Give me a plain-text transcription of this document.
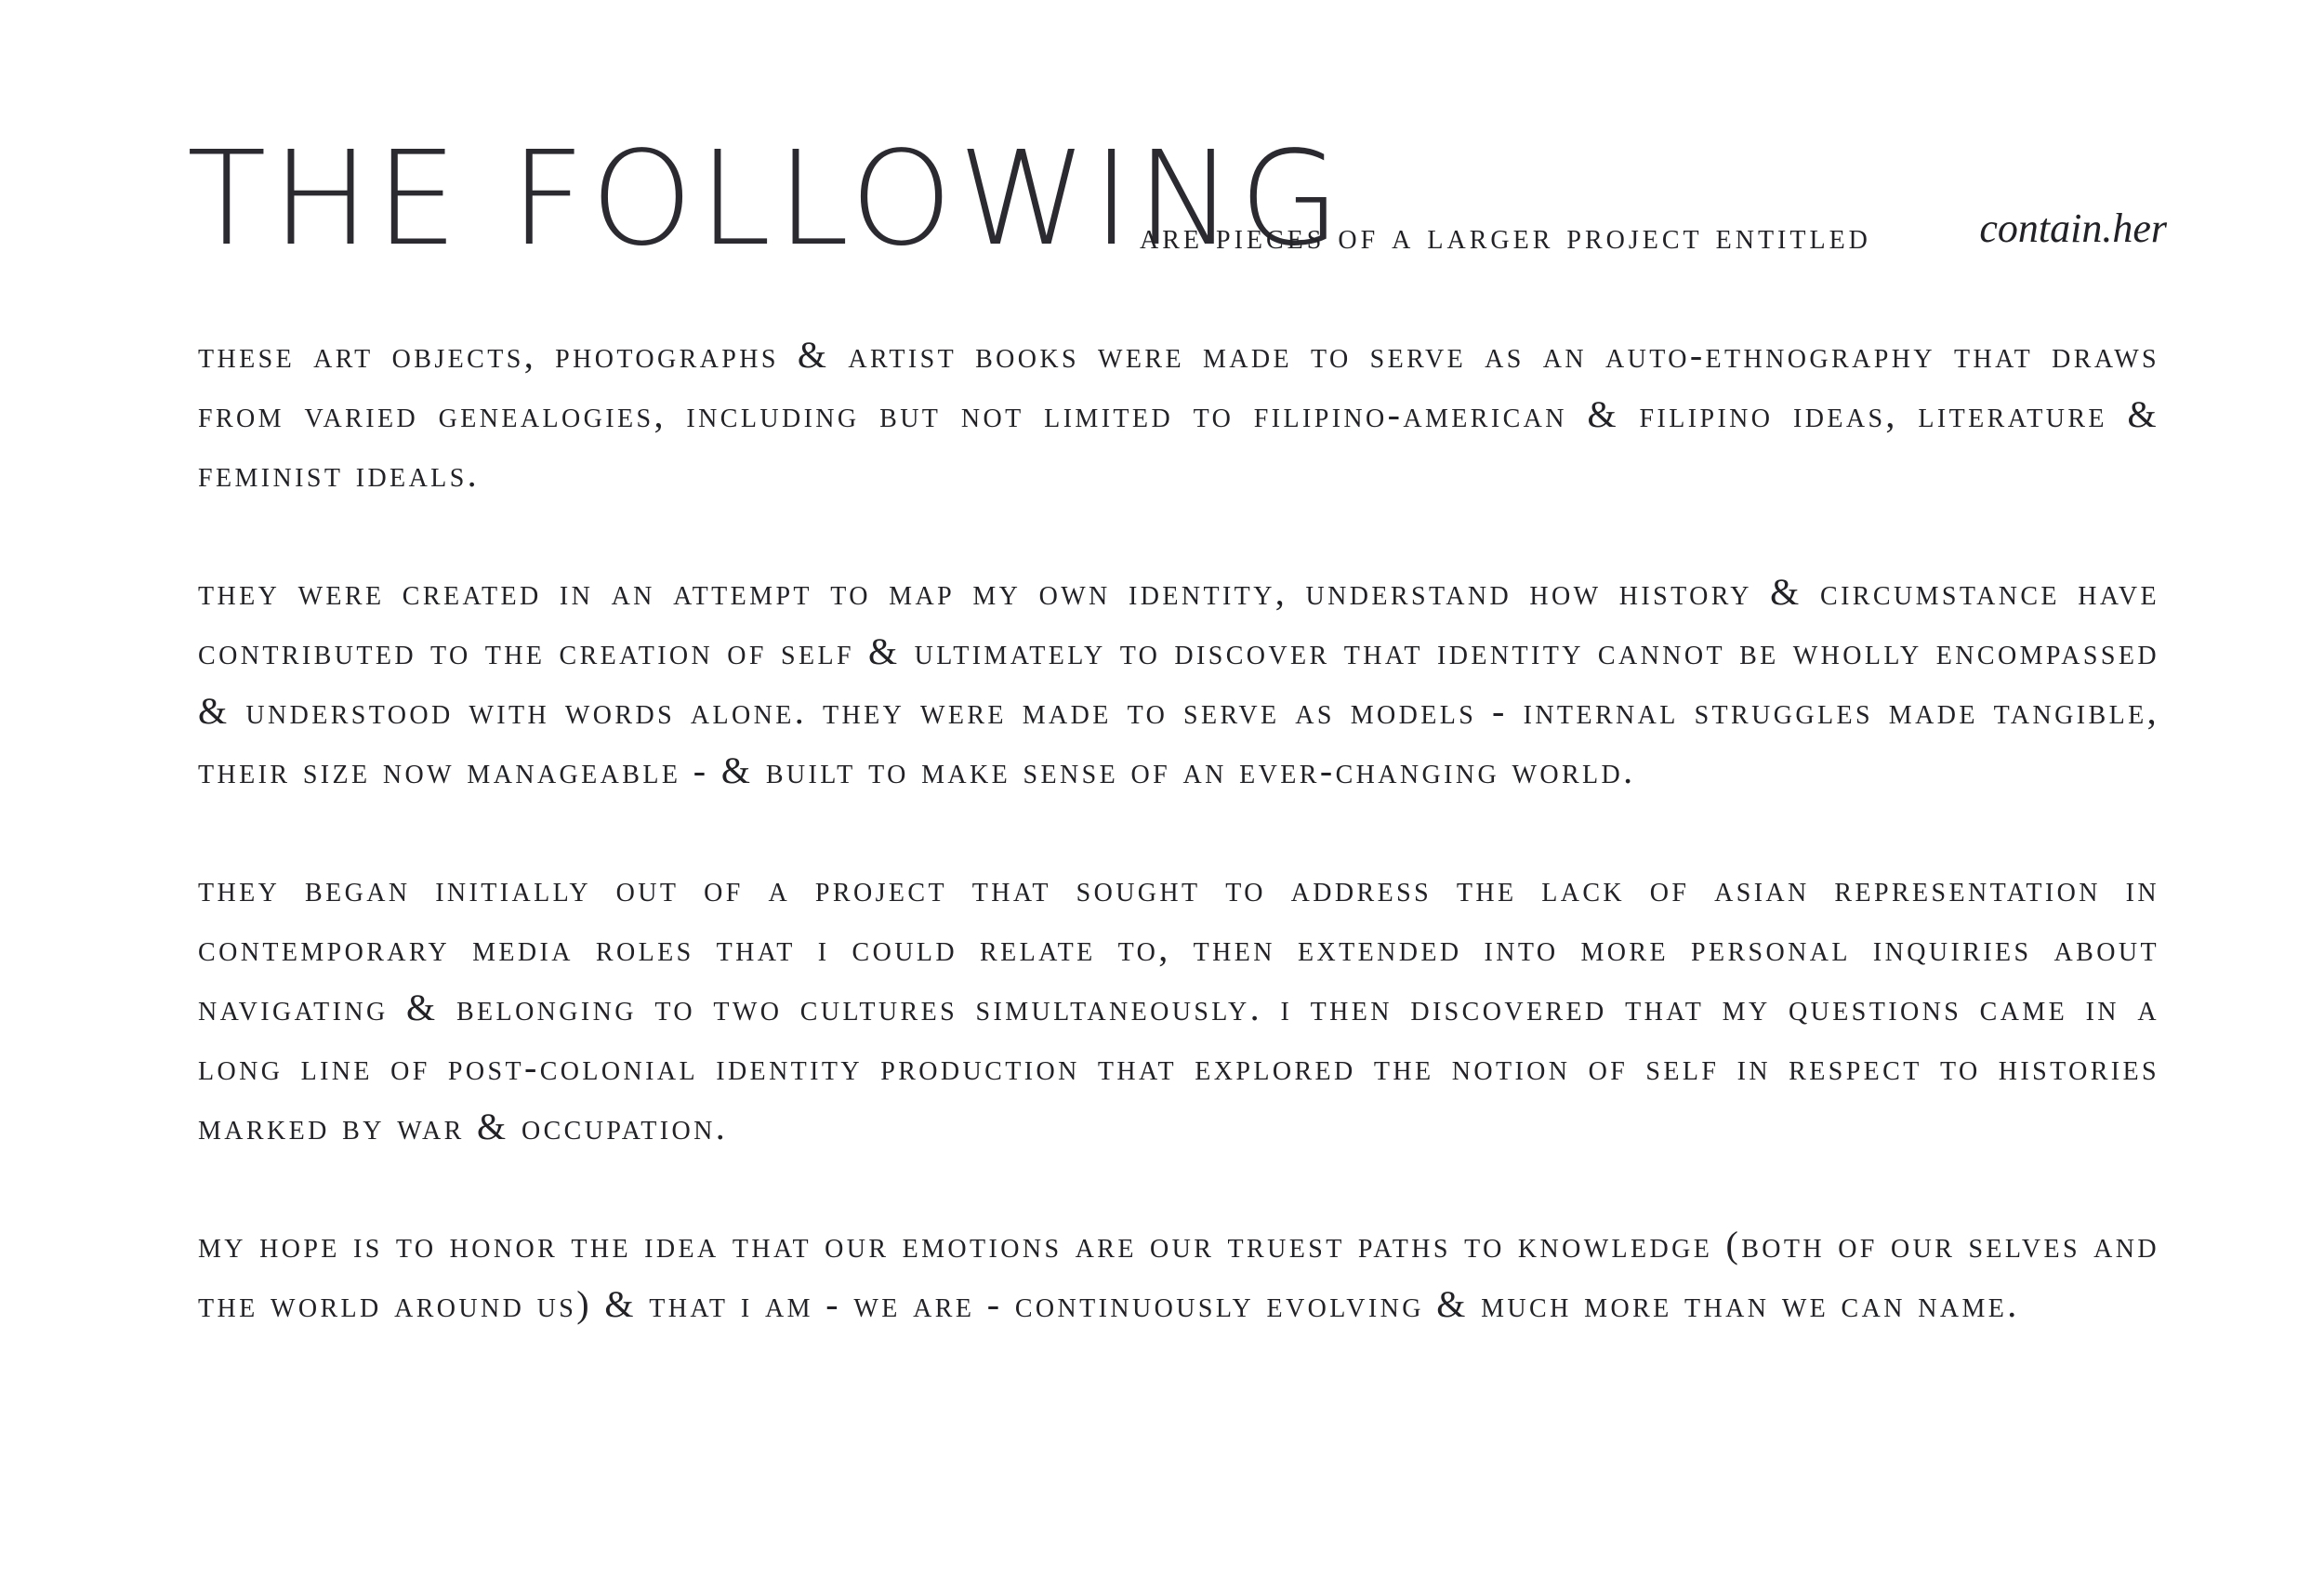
THE FOLLOWING
are pieces of a larger project entitled	contain.her

these art objects, photographs & artist books were made to serve as an auto-ethnography that draws from varied genealogies, including but not limited to filipino-american & filipino ideas, literature & feminist ideals.

they were created in an attempt to map my own identity, understand how history & circumstance have contributed to the creation of self & ultimately to discover that identity cannot be wholly encompassed & understood with words alone. they were made to serve as models - internal struggles made tangible, their size now manageable - & built to make sense of an ever-changing world.

they began initially out of a project that sought to address the lack of asian representation in contemporary media roles that i could relate to, then extended into more personal inquiries about navigating & belonging to two cultures simultaneously. i then discovered that my questions came in a long line of post-colonial identity production that explored the notion of self in respect to histories marked by war & occupation.

my hope is to honor the idea that our emotions are our truest paths to knowledge (both of our selves and the world around us) & that i am - we are - continuously evolving & much more than we can name.
